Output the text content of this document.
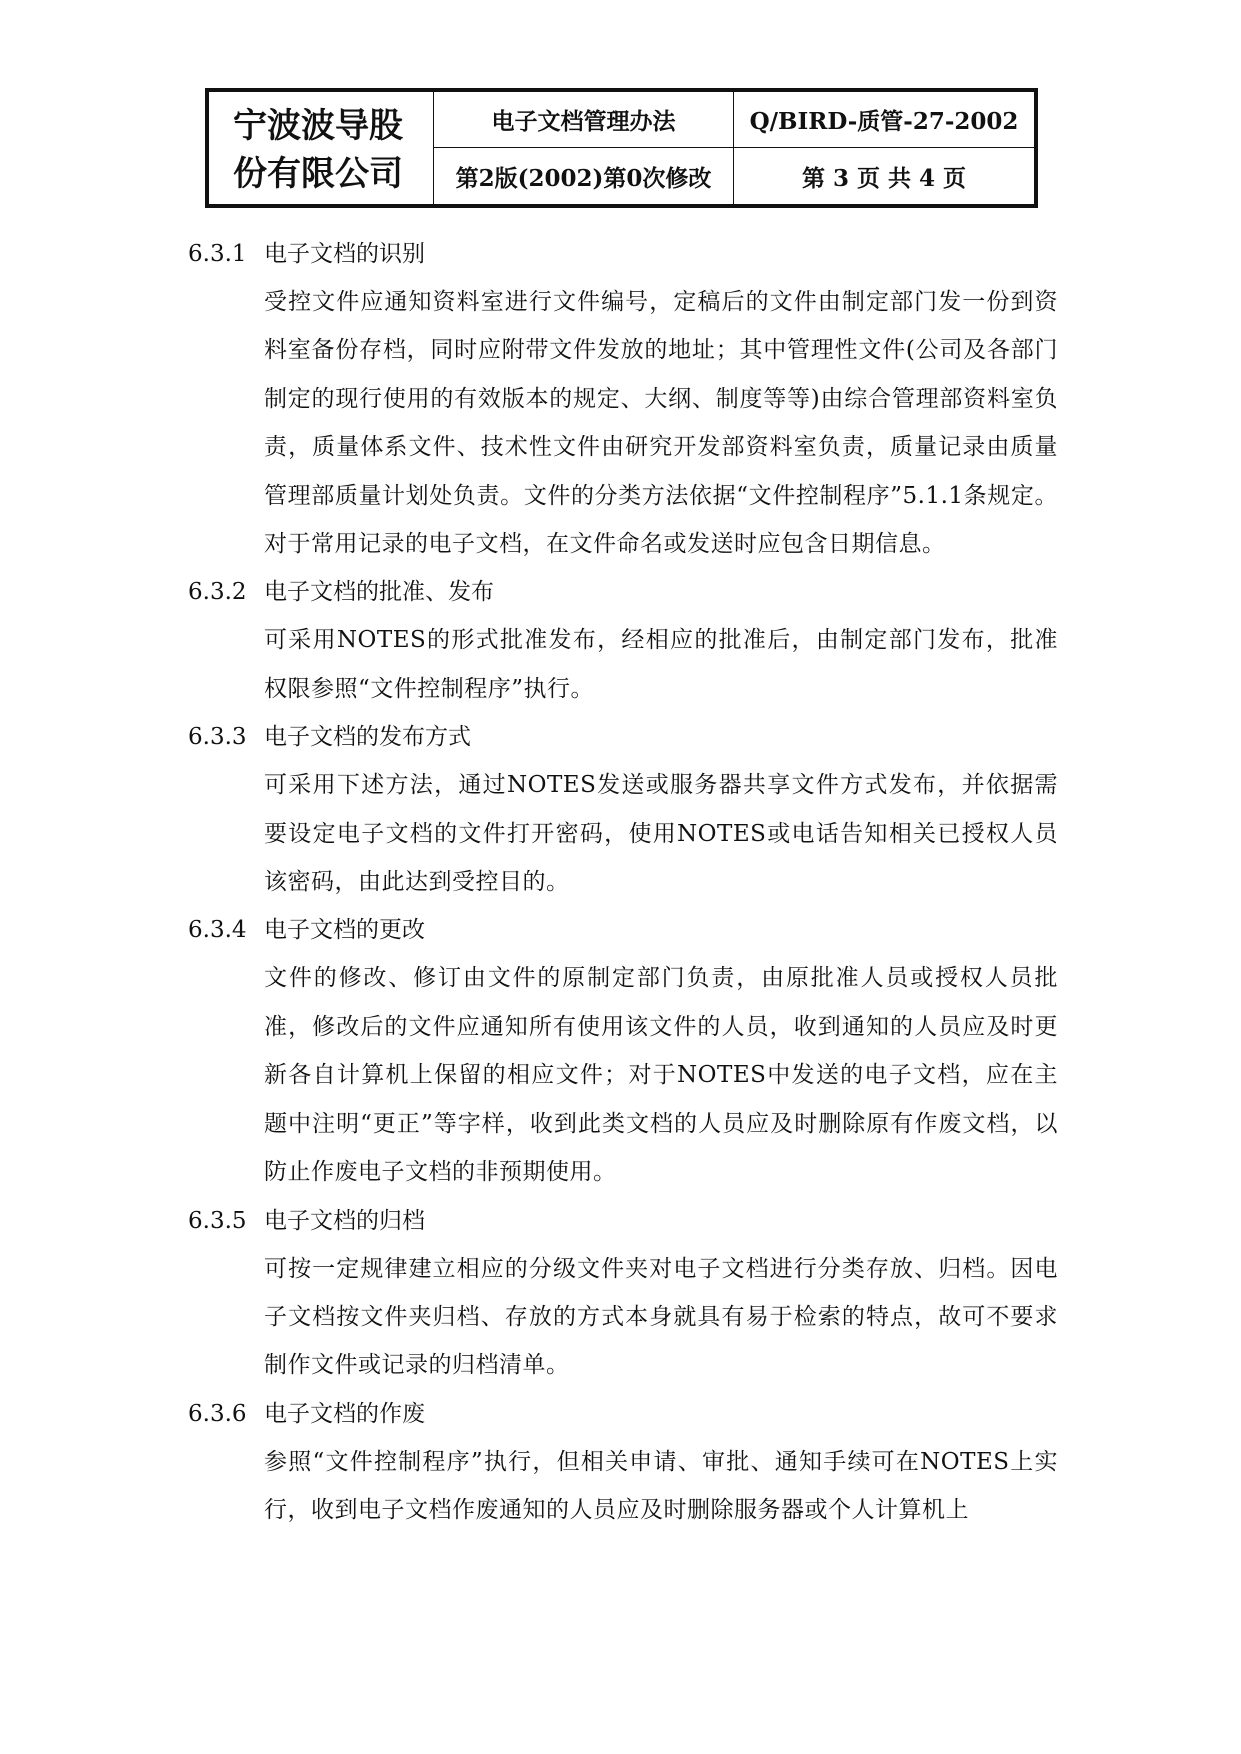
宁波波导股
份有限公司
电子文档管理办法	Q/BIRD-质管-27-2002
第2版(2002)第0次修改	第 3 页 共 4 页
6.3.1 电子文档的识别

受控文件应通知资料室进行文件编号，定稿后的文件由制定部门发一份到资料室备份存档，同时应附带文件发放的地址；其中管理性文件(公司及各部门制定的现行使用的有效版本的规定、大纲、制度等等)由综合管理部资料室负责，质量体系文件、技术性文件由研究开发部资料室负责，质量记录由质量管理部质量计划处负责。文件的分类方法依据“文件控制程序”5.1.1条规定。对于常用记录的电子文档，在文件命名或发送时应包含日期信息。

6.3.2 电子文档的批准、发布

可采用NOTES的形式批准发布，经相应的批准后，由制定部门发布，批准权限参照“文件控制程序”执行。

6.3.3 电子文档的发布方式

可采用下述方法，通过NOTES发送或服务器共享文件方式发布，并依据需要设定电子文档的文件打开密码，使用NOTES或电话告知相关已授权人员该密码，由此达到受控目的。

6.3.4 电子文档的更改

文件的修改、修订由文件的原制定部门负责，由原批准人员或授权人员批准，修改后的文件应通知所有使用该文件的人员，收到通知的人员应及时更新各自计算机上保留的相应文件；对于NOTES中发送的电子文档，应在主题中注明“更正”等字样，收到此类文档的人员应及时删除原有作废文档，以防止作废电子文档的非预期使用。

6.3.5 电子文档的归档

可按一定规律建立相应的分级文件夹对电子文档进行分类存放、归档。因电子文档按文件夹归档、存放的方式本身就具有易于检索的特点，故可不要求制作文件或记录的归档清单。

6.3.6 电子文档的作废

参照“文件控制程序”执行，但相关申请、审批、通知手续可在NOTES上实行，收到电子文档作废通知的人员应及时删除服务器或个人计算机上
